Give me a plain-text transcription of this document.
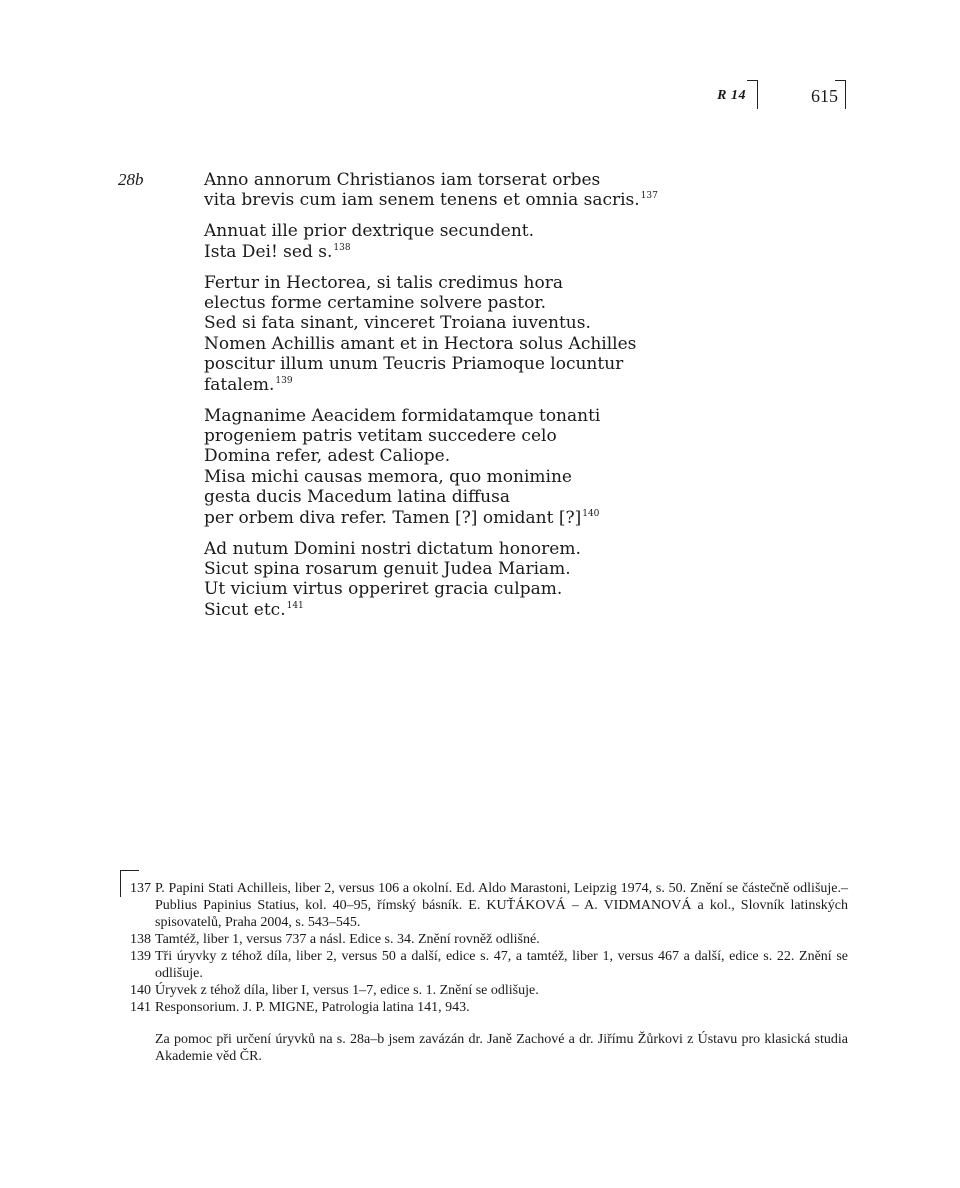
R 14	615
28b	Anno annorum Christianos iam torserat orbes
vita brevis cum iam senem tenens et omnia sacris.$^{137}$
Annuat ille prior dextrique secundent.
Ista Dei! sed s.$^{138}$
Fertur in Hectorea, si talis credimus hora
electus forme certamine solvere pastor.
Sed si fata sinant, vinceret Troiana iuventus.
Nomen Achillis amant et in Hectora solus Achilles
poscitur illum unum Teucris Priamoque locuntur
fatalem.$^{139}$
Magnanime Aeacidem formidatamque tonanti
progeniem patris vetitam succedere celo
Domina refer, adest Caliope.
Misa michi causas memora, quo monimine
gesta ducis Macedum latina diffusa
per orbem diva refer. Tamen [?] omidant [?]$^{140}$
Ad nutum Domini nostri dictatum honorem.
Sicut spina rosarum genuit Judea Mariam.
Ut vicium virtus opperiret gracia culpam.
Sicut etc.$^{141}$
137 P. Papini Stati Achilleis, liber 2, versus 106 a okolní. Ed. Aldo Marastoni, Leipzig 1974, s. 50. Znění se částečně odlišuje.– Publius Papinius Statius, kol. 40–95, římský básník. E. KUŤÁKOVÁ – A. VIDMANOVÁ a kol., Slovník latinských spisovatelů, Praha 2004, s. 543–545.
138 Tamtéž, liber 1, versus 737 a násl. Edice s. 34. Znění rovněž odlišné.
139 Tři úryvky z téhož díla, liber 2, versus 50 a další, edice s. 47, a tamtéž, liber 1, versus 467 a další, edice s. 22. Znění se odlišuje.
140 Úryvek z téhož díla, liber I, versus 1–7, edice s. 1. Znění se odlišuje.
141 Responsorium. J. P. MIGNE, Patrologia latina 141, 943.
Za pomoc při určení úryvků na s. 28a–b jsem zavázán dr. Janě Zachové a dr. Jiřímu Žůrkovi z Ústavu pro klasická studia Akademie věd ČR.
